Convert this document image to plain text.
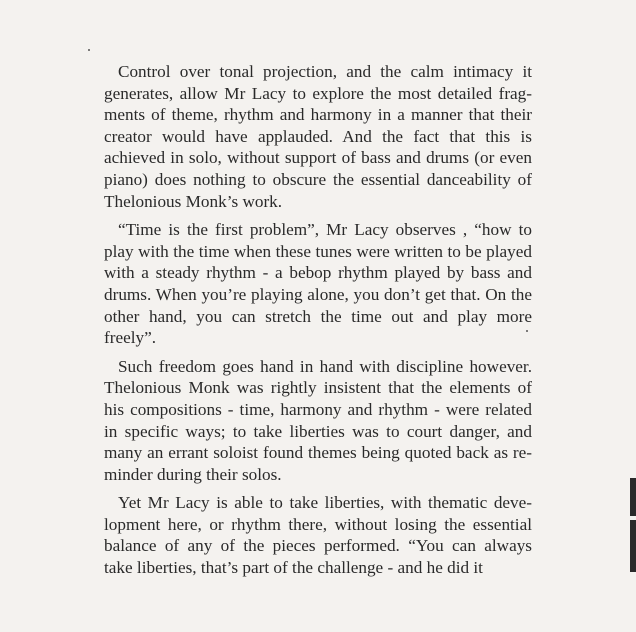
Control over tonal projection, and the calm intimacy it
generates, allow Mr Lacy to explore the most detailed frag-
ments of theme, rhythm and harmony in a manner that their
creator would have applauded. And the fact that this is
achieved in solo, without support of bass and drums (or even
piano) does nothing to obscure the essential danceability of
Thelonious Monk’s work.

“Time is the first problem”, Mr Lacy observes , “how to
play with the time when these tunes were written to be played
with a steady rhythm - a bebop rhythm played by bass and
drums. When you’re playing alone, you don’t get that. On the
other hand, you can stretch the time out and play more
freely”.

Such freedom goes hand in hand with discipline however.
Thelonious Monk was rightly insistent that the elements of
his compositions - time, harmony and rhythm - were related
in specific ways; to take liberties was to court danger, and
many an errant soloist found themes being quoted back as re-
minder during their solos.

Yet Mr Lacy is able to take liberties, with thematic deve-
lopment here, or rhythm there, without losing the essential
balance of any of the pieces performed. “You can always
take liberties, that’s part of the challenge - and he did it
